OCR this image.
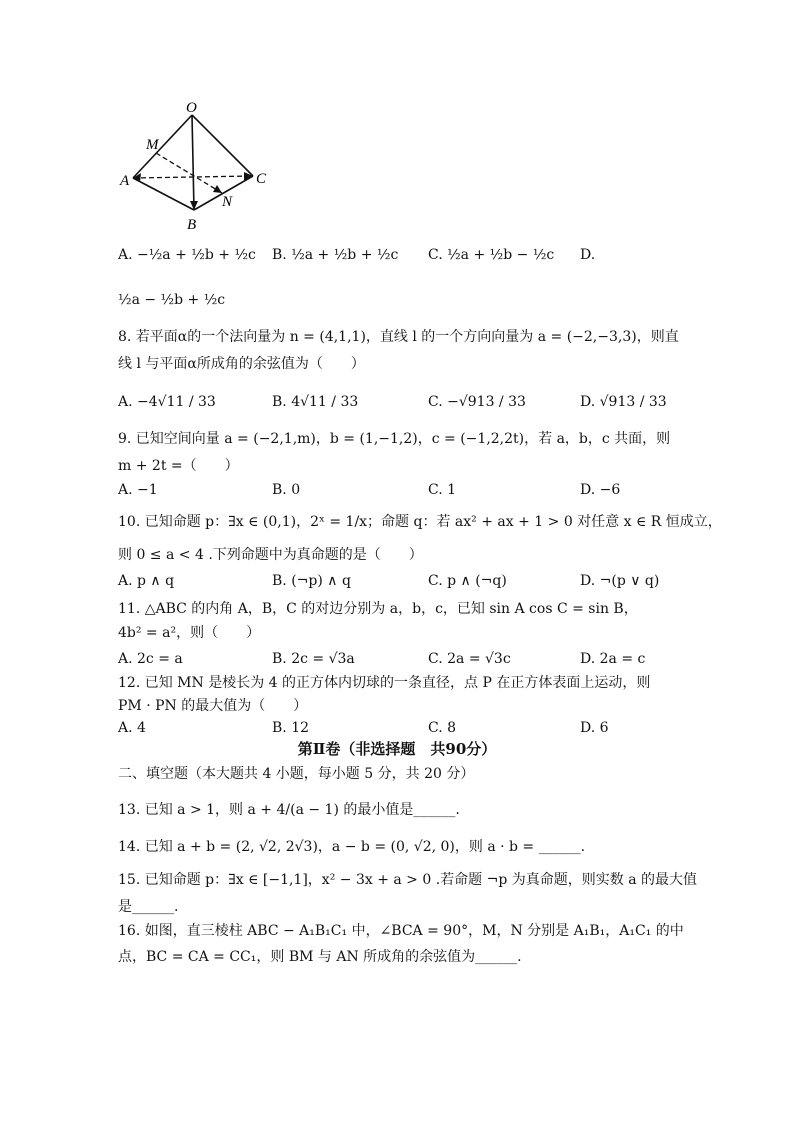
O
M
A	C
N
B
A. −½a + ½b + ½c B. ½a + ½b + ½c C. ½a + ½b − ½c D.
½a − ½b + ½c
8. 若平面α的一个法向量为 n = (4,1,1)，直线 l 的一个方向向量为 a = (−2,−3,3)，则直
线 l 与平面α所成角的余弦值为（　　）
A. −4√11 / 33	B. 4√11 / 33	C. −√913 / 33	D. √913 / 33
9. 已知空间向量 a = (−2,1,m)，b = (1,−1,2)，c = (−1,2,2t)，若 a，b，c 共面，则
m + 2t =（　　）
A. −1	B. 0	C. 1	D. −6
10. 已知命题 p：∃x ∈ (0,1)，2ˣ = 1/x；命题 q：若 ax² + ax + 1 > 0 对任意 x ∈ R 恒成立，
则 0 ≤ a < 4 .下列命题中为真命题的是（　　）
A. p ∧ q	B. (¬p) ∧ q	C. p ∧ (¬q)	D. ¬(p ∨ q)
11. △ABC 的内角 A，B，C 的对边分别为 a，b，c，已知 sin A cos C = sin B，
4b² = a²，则（　　）
A. 2c = a	B. 2c = √3a	C. 2a = √3c	D. 2a = c
12. 已知 MN 是棱长为 4 的正方体内切球的一条直径，点 P 在正方体表面上运动，则
PM · PN 的最大值为（　　）
A. 4	B. 12	C. 8	D. 6
第Ⅱ卷（非选择题　共90分）
二、填空题（本大题共 4 小题，每小题 5 分，共 20 分）
13. 已知 a > 1，则 a + 4/(a − 1) 的最小值是______.
14. 已知 a + b = (2, √2, 2√3)，a − b = (0, √2, 0)，则 a · b = ______.
15. 已知命题 p：∃x ∈ [−1,1]，x² − 3x + a > 0 .若命题 ¬p 为真命题，则实数 a 的最大值
是______.
16. 如图，直三棱柱 ABC − A₁B₁C₁ 中，∠BCA = 90°，M，N 分别是 A₁B₁，A₁C₁ 的中
点，BC = CA = CC₁，则 BM 与 AN 所成角的余弦值为______.
